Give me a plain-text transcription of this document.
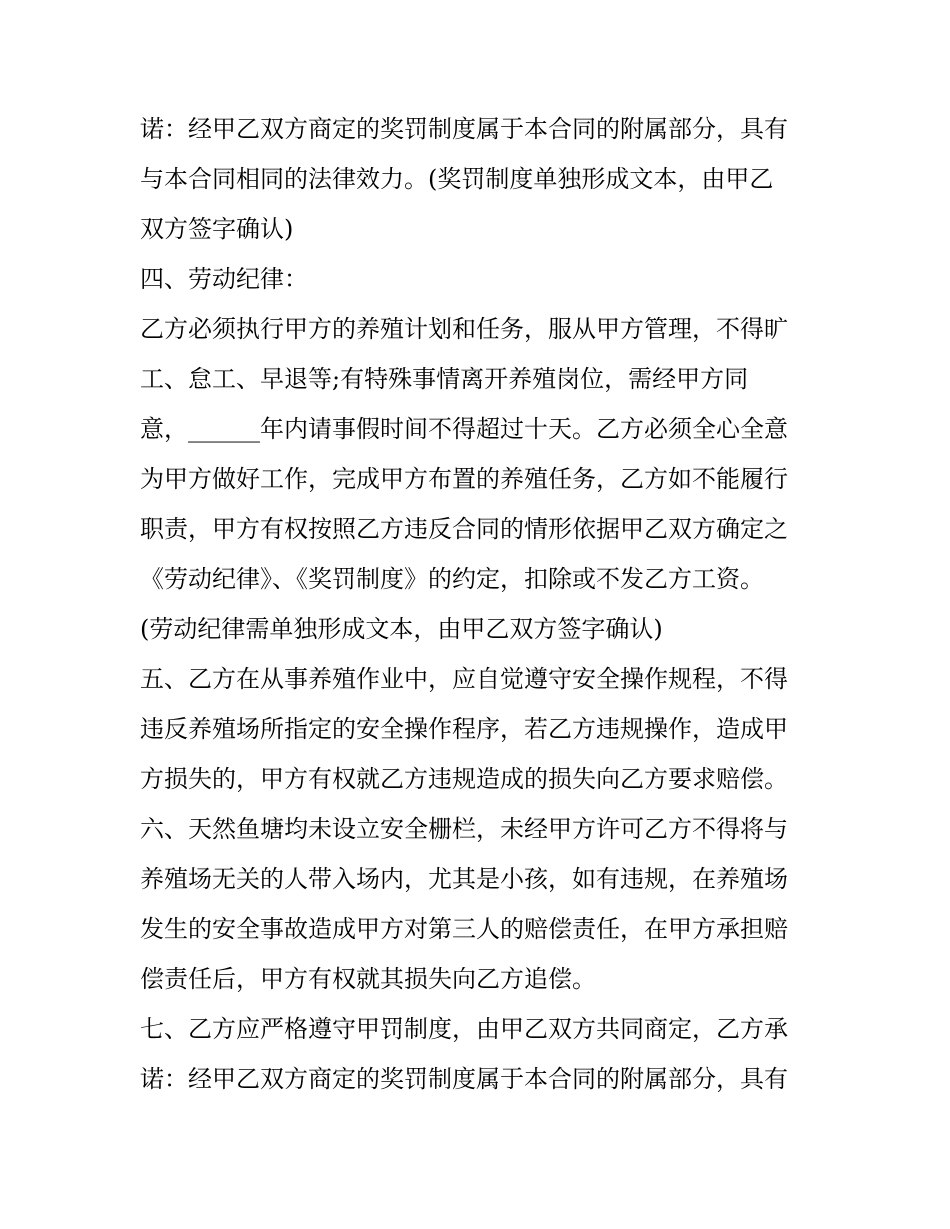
诺：经甲乙双方商定的奖罚制度属于本合同的附属部分，具有
与本合同相同的法律效力。(奖罚制度单独形成文本，由甲乙
双方签字确认)
四、劳动纪律：
乙方必须执行甲方的养殖计划和任务，服从甲方管理，不得旷
工、怠工、早退等;有特殊事情离开养殖岗位，需经甲方同
意，______年内请事假时间不得超过十天。乙方必须全心全意
为甲方做好工作，完成甲方布置的养殖任务，乙方如不能履行
职责，甲方有权按照乙方违反合同的情形依据甲乙双方确定之
《劳动纪律》、《奖罚制度》的约定，扣除或不发乙方工资。
(劳动纪律需单独形成文本，由甲乙双方签字确认)
五、乙方在从事养殖作业中，应自觉遵守安全操作规程，不得
违反养殖场所指定的安全操作程序，若乙方违规操作，造成甲
方损失的，甲方有权就乙方违规造成的损失向乙方要求赔偿。
六、天然鱼塘均未设立安全栅栏，未经甲方许可乙方不得将与
养殖场无关的人带入场内，尤其是小孩，如有违规，在养殖场
发生的安全事故造成甲方对第三人的赔偿责任，在甲方承担赔
偿责任后，甲方有权就其损失向乙方追偿。
七、乙方应严格遵守甲罚制度，由甲乙双方共同商定，乙方承
诺：经甲乙双方商定的奖罚制度属于本合同的附属部分，具有
